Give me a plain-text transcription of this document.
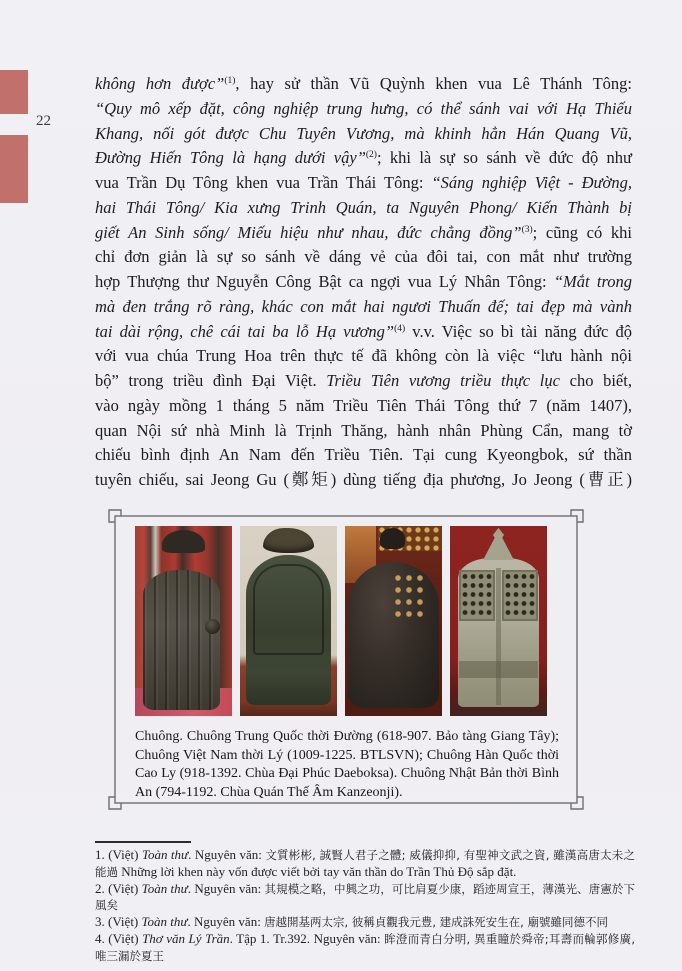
22
không hơn được”$^{(1)}$, hay sử thần Vũ Quỳnh khen vua Lê Thánh Tông:
“Quy mô xếp đặt, công nghiệp trung hưng, có thể sánh vai với Hạ Thiếu
Khang, nối gót được Chu Tuyên Vương, mà khinh hẳn Hán Quang Vũ,
Đường Hiến Tông là hạng dưới vậy”$^{(2)}$; khi là sự so sánh về đức độ như
vua Trần Dụ Tông khen vua Trần Thái Tông: “Sáng nghiệp Việt - Đường,
hai Thái Tông/ Kia xưng Trinh Quán, ta Nguyên Phong/ Kiến Thành bị
giết An Sinh sống/ Miếu hiệu như nhau, đức chẳng đồng”$^{(3)}$; cũng có khi
chỉ đơn giản là sự so sánh về dáng vẻ của đôi tai, con mắt như trường
hợp Thượng thư Nguyễn Công Bật ca ngợi vua Lý Nhân Tông: “Mắt trong
mà đen trắng rõ ràng, khác con mắt hai ngươi Thuấn đế; tai đẹp mà vành
tai dài rộng, chê cái tai ba lỗ Hạ vương”$^{(4)}$ v.v. Việc so bì tài năng đức độ
với vua chúa Trung Hoa trên thực tế đã không còn là việc “lưu hành nội
bộ” trong triều đình Đại Việt. Triều Tiên vương triều thực lục cho biết,
vào ngày mồng 1 tháng 5 năm Triều Tiên Thái Tông thứ 7 (năm 1407),
quan Nội sứ nhà Minh là Trịnh Thăng, hành nhân Phùng Cẩn, mang tờ
chiếu bình định An Nam đến Triều Tiên. Tại cung Kyeongbok, sứ thần
tuyên chiếu, sai Jeong Gu (鄭矩) dùng tiếng địa phương, Jo Jeong (曹正)
Chuông. Chuông Trung Quốc thời Đường (618-907. Bảo tàng Giang Tây); Chuông Việt Nam thời Lý (1009-1225. BTLSVN); Chuông Hàn Quốc thời Cao Ly (918-1392. Chùa Đại Phúc Daeboksa). Chuông Nhật Bản thời Bình An (794-1192. Chùa Quán Thế Âm Kanzeonji).
1. (Việt) Toàn thư. Nguyên văn: 文質彬彬, 誠賢人君子之體; 威儀抑抑, 有聖神文武之資, 雖漢高唐太未之能過 Những lời khen này vốn được viết bởi tay văn thần do Trần Thủ Độ sắp đặt.
2. (Việt) Toàn thư. Nguyên văn: 其規模之略，中興之功，可比肩夏少康，蹈迹周宣王，薄漢光、唐憲於下風矣
3. (Việt) Toàn thư. Nguyên văn: 唐越開基两太宗, 彼稱貞觀我元豊, 建成誅死安生在, 廟號雖同德不同
4. (Việt) Thơ văn Lý Trần. Tập 1. Tr.392. Nguyên văn: 眸澄而青白分明, 異重瞳於舜帝;耳壽而輪郭修廣, 唯三漏於夏王
